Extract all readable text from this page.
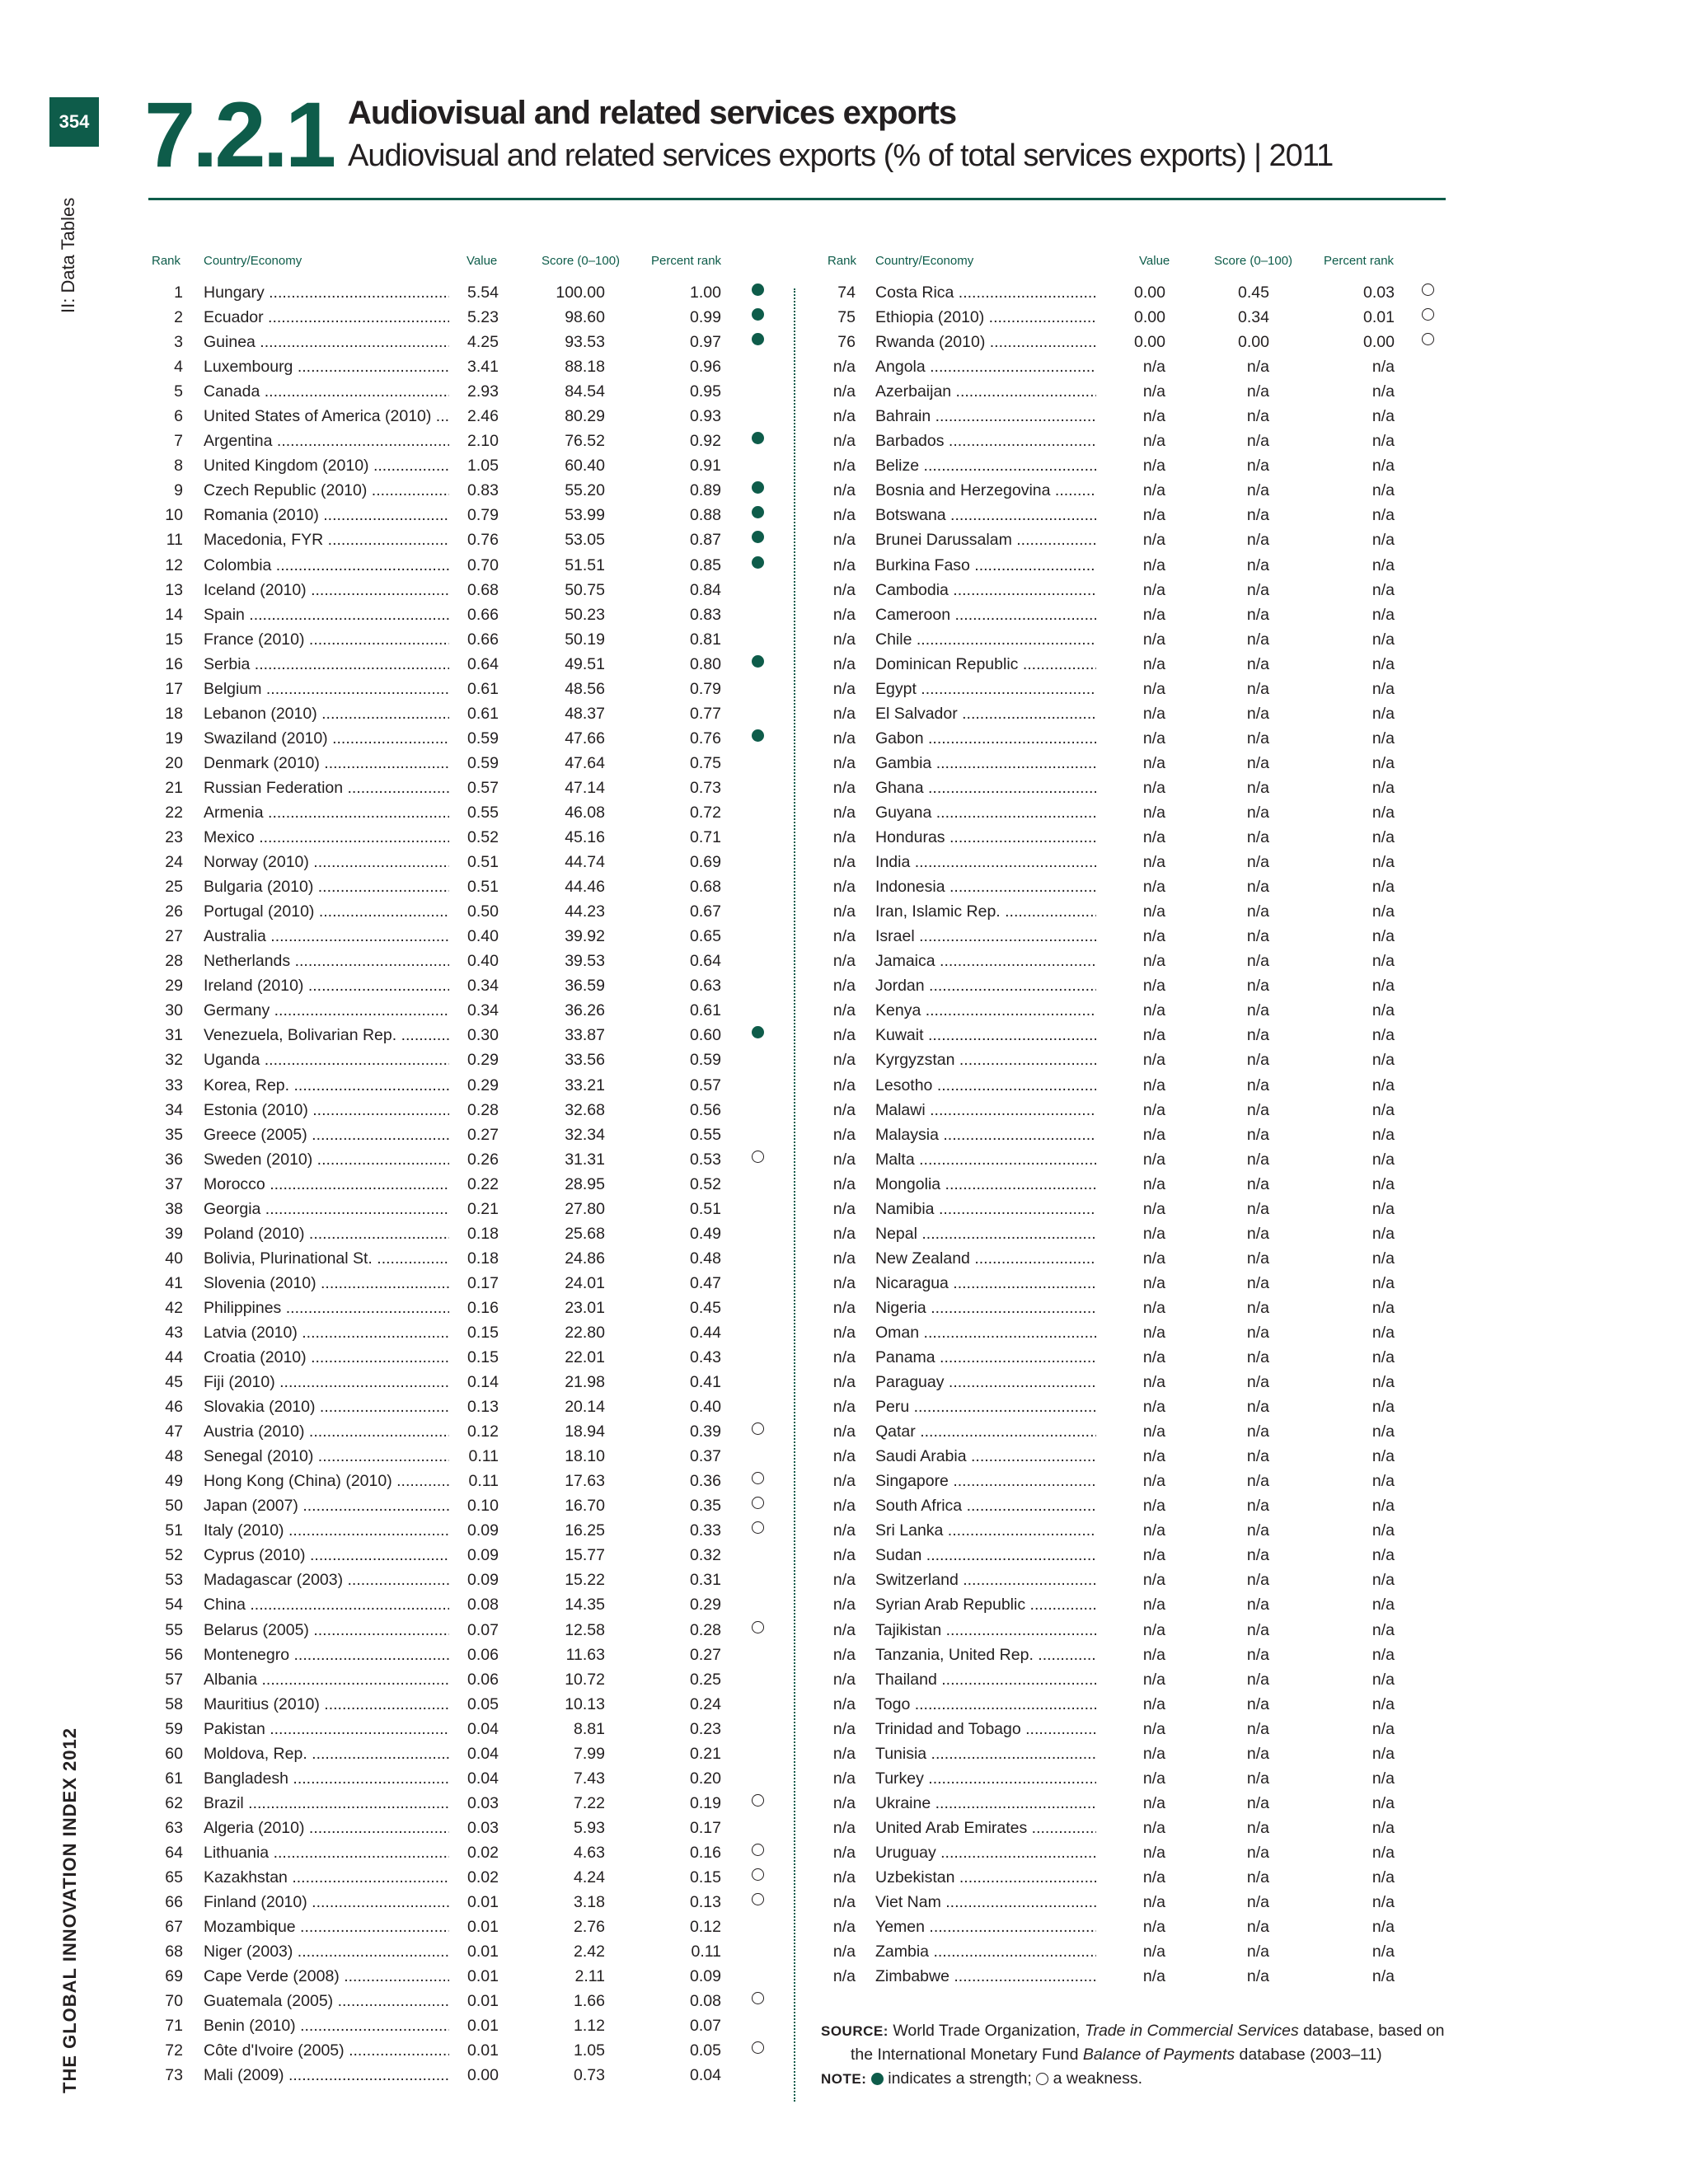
354
II: Data Tables
THE GLOBAL INNOVATION INDEX 2012
7.2.1 Audiovisual and related services exports
Audiovisual and related services exports (% of total services exports) | 2011
Rank Country/Economy	Value	Score (0–100)	Percent rank	Rank Country/Economy	Value	Score (0–100)	Percent rank
1 Hungary .....	5.54	100.00	1.00
2 Ecuador .....	5.23	98.60	0.99
3 Guinea .....	4.25	93.53	0.97
4 Luxembourg .....	3.41	88.18	0.96
5 Canada .....	2.93	84.54	0.95
6 United States of America (2010) .....	2.46	80.29	0.93
7 Argentina .....	2.10	76.52	0.92
8 United Kingdom (2010) .....	1.05	60.40	0.91
9 Czech Republic (2010) .....	0.83	55.20	0.89
10 Romania (2010) .....	0.79	53.99	0.88
11 Macedonia, FYR .....	0.76	53.05	0.87
12 Colombia .....	0.70	51.51	0.85
13 Iceland (2010) .....	0.68	50.75	0.84
14 Spain .....	0.66	50.23	0.83
15 France (2010) .....	0.66	50.19	0.81
16 Serbia .....	0.64	49.51	0.80
17 Belgium .....	0.61	48.56	0.79
18 Lebanon (2010) .....	0.61	48.37	0.77
19 Swaziland (2010) .....	0.59	47.66	0.76
20 Denmark (2010) .....	0.59	47.64	0.75
21 Russian Federation .....	0.57	47.14	0.73
22 Armenia .....	0.55	46.08	0.72
23 Mexico .....	0.52	45.16	0.71
24 Norway (2010) .....	0.51	44.74	0.69
25 Bulgaria (2010) .....	0.51	44.46	0.68
26 Portugal (2010) .....	0.50	44.23	0.67
27 Australia .....	0.40	39.92	0.65
28 Netherlands .....	0.40	39.53	0.64
29 Ireland (2010) .....	0.34	36.59	0.63
30 Germany .....	0.34	36.26	0.61
31 Venezuela, Bolivarian Rep. .....	0.30	33.87	0.60
32 Uganda .....	0.29	33.56	0.59
33 Korea, Rep. .....	0.29	33.21	0.57
34 Estonia (2010) .....	0.28	32.68	0.56
35 Greece (2005) .....	0.27	32.34	0.55
36 Sweden (2010) .....	0.26	31.31	0.53
37 Morocco .....	0.22	28.95	0.52
38 Georgia .....	0.21	27.80	0.51
39 Poland (2010) .....	0.18	25.68	0.49
40 Bolivia, Plurinational St. .....	0.18	24.86	0.48
41 Slovenia (2010) .....	0.17	24.01	0.47
42 Philippines .....	0.16	23.01	0.45
43 Latvia (2010) .....	0.15	22.80	0.44
44 Croatia (2010) .....	0.15	22.01	0.43
45 Fiji (2010) .....	0.14	21.98	0.41
46 Slovakia (2010) .....	0.13	20.14	0.40
47 Austria (2010) .....	0.12	18.94	0.39
48 Senegal (2010) .....	0.11	18.10	0.37
49 Hong Kong (China) (2010) .....	0.11	17.63	0.36
50 Japan (2007) .....	0.10	16.70	0.35
51 Italy (2010) .....	0.09	16.25	0.33
52 Cyprus (2010) .....	0.09	15.77	0.32
53 Madagascar (2003) .....	0.09	15.22	0.31
54 China .....	0.08	14.35	0.29
55 Belarus (2005) .....	0.07	12.58	0.28
56 Montenegro .....	0.06	11.63	0.27
57 Albania .....	0.06	10.72	0.25
58 Mauritius (2010) .....	0.05	10.13	0.24
59 Pakistan .....	0.04	8.81	0.23
60 Moldova, Rep. .....	0.04	7.99	0.21
61 Bangladesh .....	0.04	7.43	0.20
62 Brazil .....	0.03	7.22	0.19
63 Algeria (2010) .....	0.03	5.93	0.17
64 Lithuania .....	0.02	4.63	0.16
65 Kazakhstan .....	0.02	4.24	0.15
66 Finland (2010) .....	0.01	3.18	0.13
67 Mozambique .....	0.01	2.76	0.12
68 Niger (2003) .....	0.01	2.42	0.11
69 Cape Verde (2008) .....	0.01	2.11	0.09
70 Guatemala (2005) .....	0.01	1.66	0.08
71 Benin (2010) .....	0.01	1.12	0.07
72 Côte d'Ivoire (2005) .....	0.01	1.05	0.05
73 Mali (2009) .....	0.00	0.73	0.04
74 Costa Rica .....	0.00	0.45	0.03
75 Ethiopia (2010) .....	0.00	0.34	0.01
76 Rwanda (2010) .....	0.00	0.00	0.00
n/a Angola .....	n/a	n/a	n/a
n/a Azerbaijan .....	n/a	n/a	n/a
n/a Bahrain .....	n/a	n/a	n/a
n/a Barbados .....	n/a	n/a	n/a
n/a Belize .....	n/a	n/a	n/a
n/a Bosnia and Herzegovina .....	n/a	n/a	n/a
n/a Botswana .....	n/a	n/a	n/a
n/a Brunei Darussalam .....	n/a	n/a	n/a
n/a Burkina Faso .....	n/a	n/a	n/a
n/a Cambodia .....	n/a	n/a	n/a
n/a Cameroon .....	n/a	n/a	n/a
n/a Chile .....	n/a	n/a	n/a
n/a Dominican Republic .....	n/a	n/a	n/a
n/a Egypt .....	n/a	n/a	n/a
n/a El Salvador .....	n/a	n/a	n/a
n/a Gabon .....	n/a	n/a	n/a
n/a Gambia .....	n/a	n/a	n/a
n/a Ghana .....	n/a	n/a	n/a
n/a Guyana .....	n/a	n/a	n/a
n/a Honduras .....	n/a	n/a	n/a
n/a India .....	n/a	n/a	n/a
n/a Indonesia .....	n/a	n/a	n/a
n/a Iran, Islamic Rep. .....	n/a	n/a	n/a
n/a Israel .....	n/a	n/a	n/a
n/a Jamaica .....	n/a	n/a	n/a
n/a Jordan .....	n/a	n/a	n/a
n/a Kenya .....	n/a	n/a	n/a
n/a Kuwait .....	n/a	n/a	n/a
n/a Kyrgyzstan .....	n/a	n/a	n/a
n/a Lesotho .....	n/a	n/a	n/a
n/a Malawi .....	n/a	n/a	n/a
n/a Malaysia .....	n/a	n/a	n/a
n/a Malta .....	n/a	n/a	n/a
n/a Mongolia .....	n/a	n/a	n/a
n/a Namibia .....	n/a	n/a	n/a
n/a Nepal .....	n/a	n/a	n/a
n/a New Zealand .....	n/a	n/a	n/a
n/a Nicaragua .....	n/a	n/a	n/a
n/a Nigeria .....	n/a	n/a	n/a
n/a Oman .....	n/a	n/a	n/a
n/a Panama .....	n/a	n/a	n/a
n/a Paraguay .....	n/a	n/a	n/a
n/a Peru .....	n/a	n/a	n/a
n/a Qatar .....	n/a	n/a	n/a
n/a Saudi Arabia .....	n/a	n/a	n/a
n/a Singapore .....	n/a	n/a	n/a
n/a South Africa .....	n/a	n/a	n/a
n/a Sri Lanka .....	n/a	n/a	n/a
n/a Sudan .....	n/a	n/a	n/a
n/a Switzerland .....	n/a	n/a	n/a
n/a Syrian Arab Republic .....	n/a	n/a	n/a
n/a Tajikistan .....	n/a	n/a	n/a
n/a Tanzania, United Rep. .....	n/a	n/a	n/a
n/a Thailand .....	n/a	n/a	n/a
n/a Togo .....	n/a	n/a	n/a
n/a Trinidad and Tobago .....	n/a	n/a	n/a
n/a Tunisia .....	n/a	n/a	n/a
n/a Turkey .....	n/a	n/a	n/a
n/a Ukraine .....	n/a	n/a	n/a
n/a United Arab Emirates .....	n/a	n/a	n/a
n/a Uruguay .....	n/a	n/a	n/a
n/a Uzbekistan .....	n/a	n/a	n/a
n/a Viet Nam .....	n/a	n/a	n/a
n/a Yemen .....	n/a	n/a	n/a
n/a Zambia .....	n/a	n/a	n/a
n/a Zimbabwe .....	n/a	n/a	n/a
SOURCE: World Trade Organization, Trade in Commercial Services database, based on
the International Monetary Fund Balance of Payments database (2003–11)
NOTE: indicates a strength; a weakness.
